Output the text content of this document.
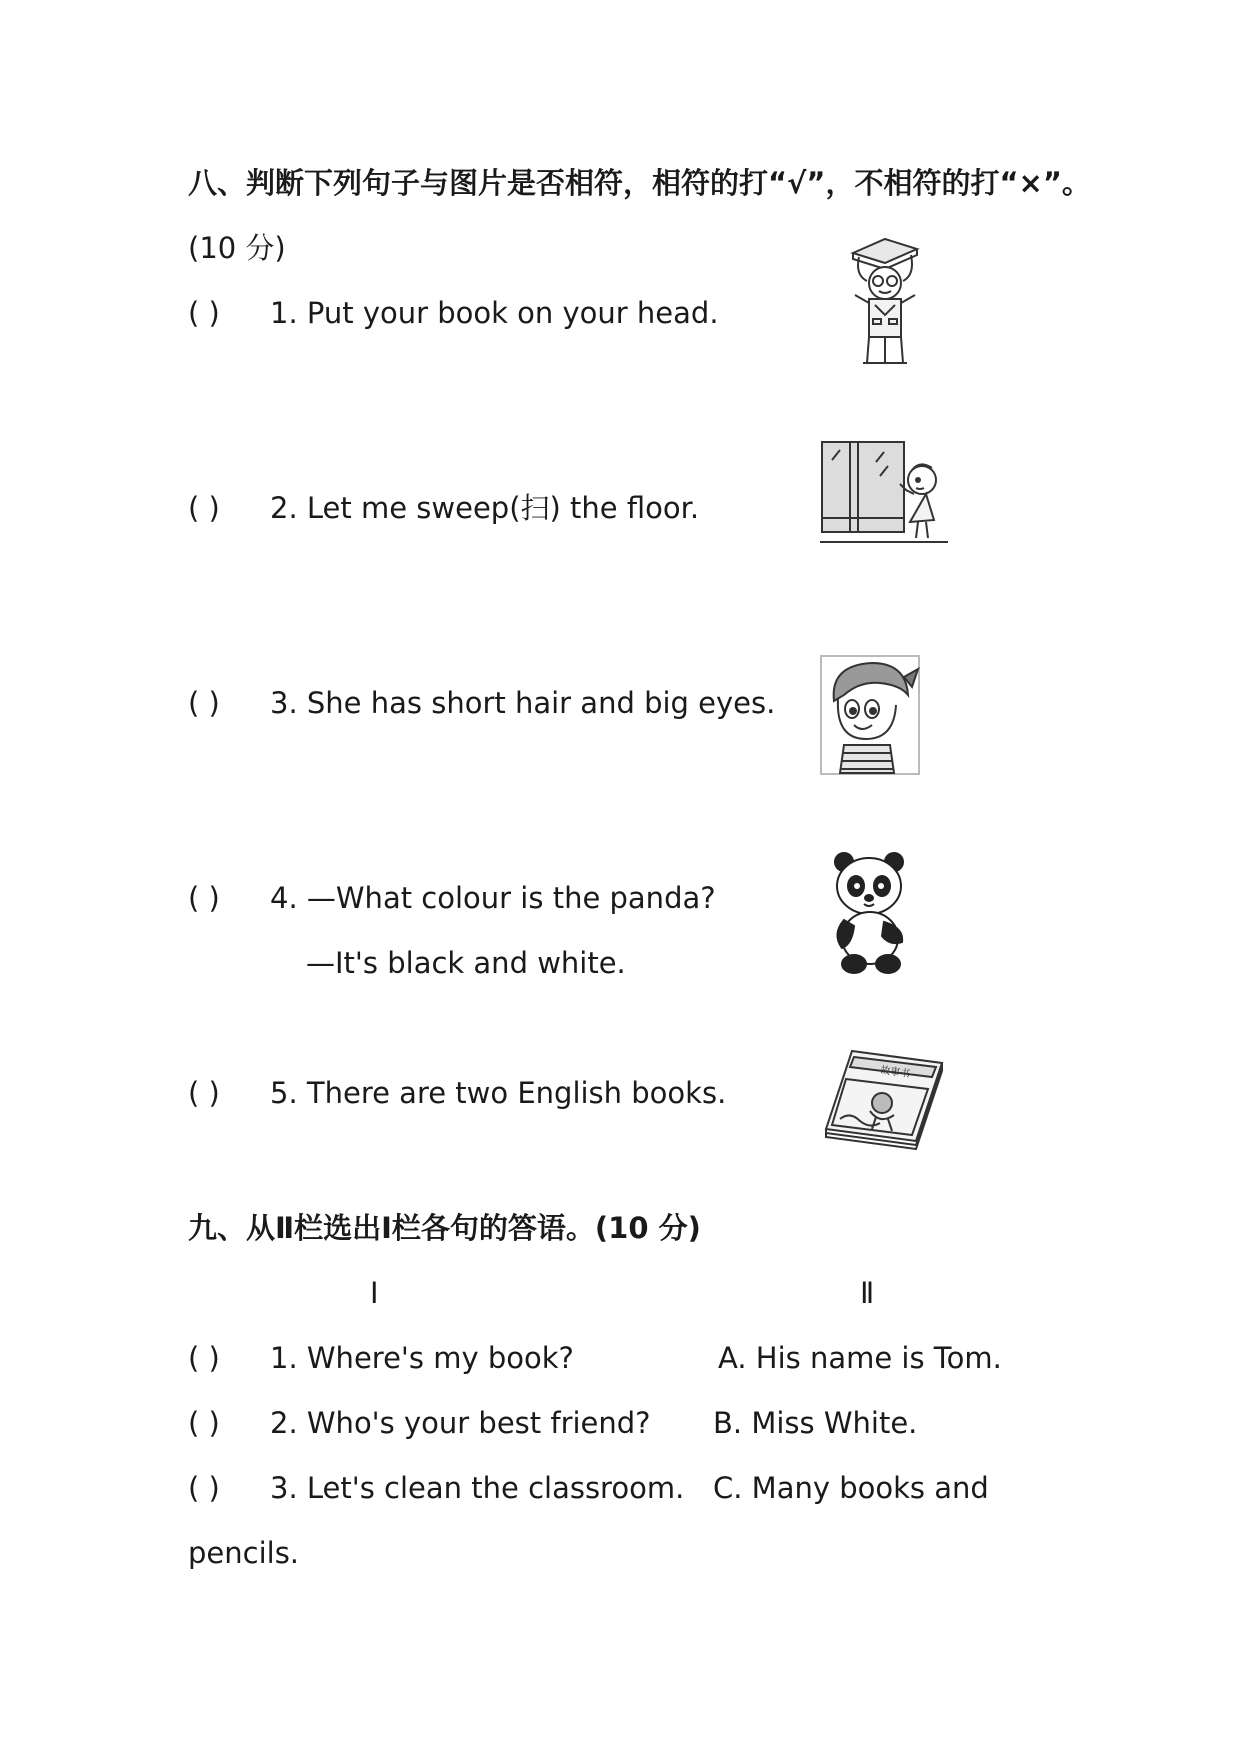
八、判断下列句子与图片是否相符，相符的打“√”，不相符的打“×”。
(10 分)
( ) 1. Put your book on your head.
( ) 2. Let me sweep(扫) the floor.
( ) 3. She has short hair and big eyes.
( ) 4. —What colour is the panda?
—It's black and white.
( ) 5. There are two English books.
故事书
九、从Ⅱ栏选出Ⅰ栏各句的答语。(10 分)
Ⅰ	Ⅱ
( ) 1. Where's my book?	A. His name is Tom.
( ) 2. Who's your best friend? B. Miss White.
( ) 3. Let's clean the classroom. C. Many books and
pencils.
